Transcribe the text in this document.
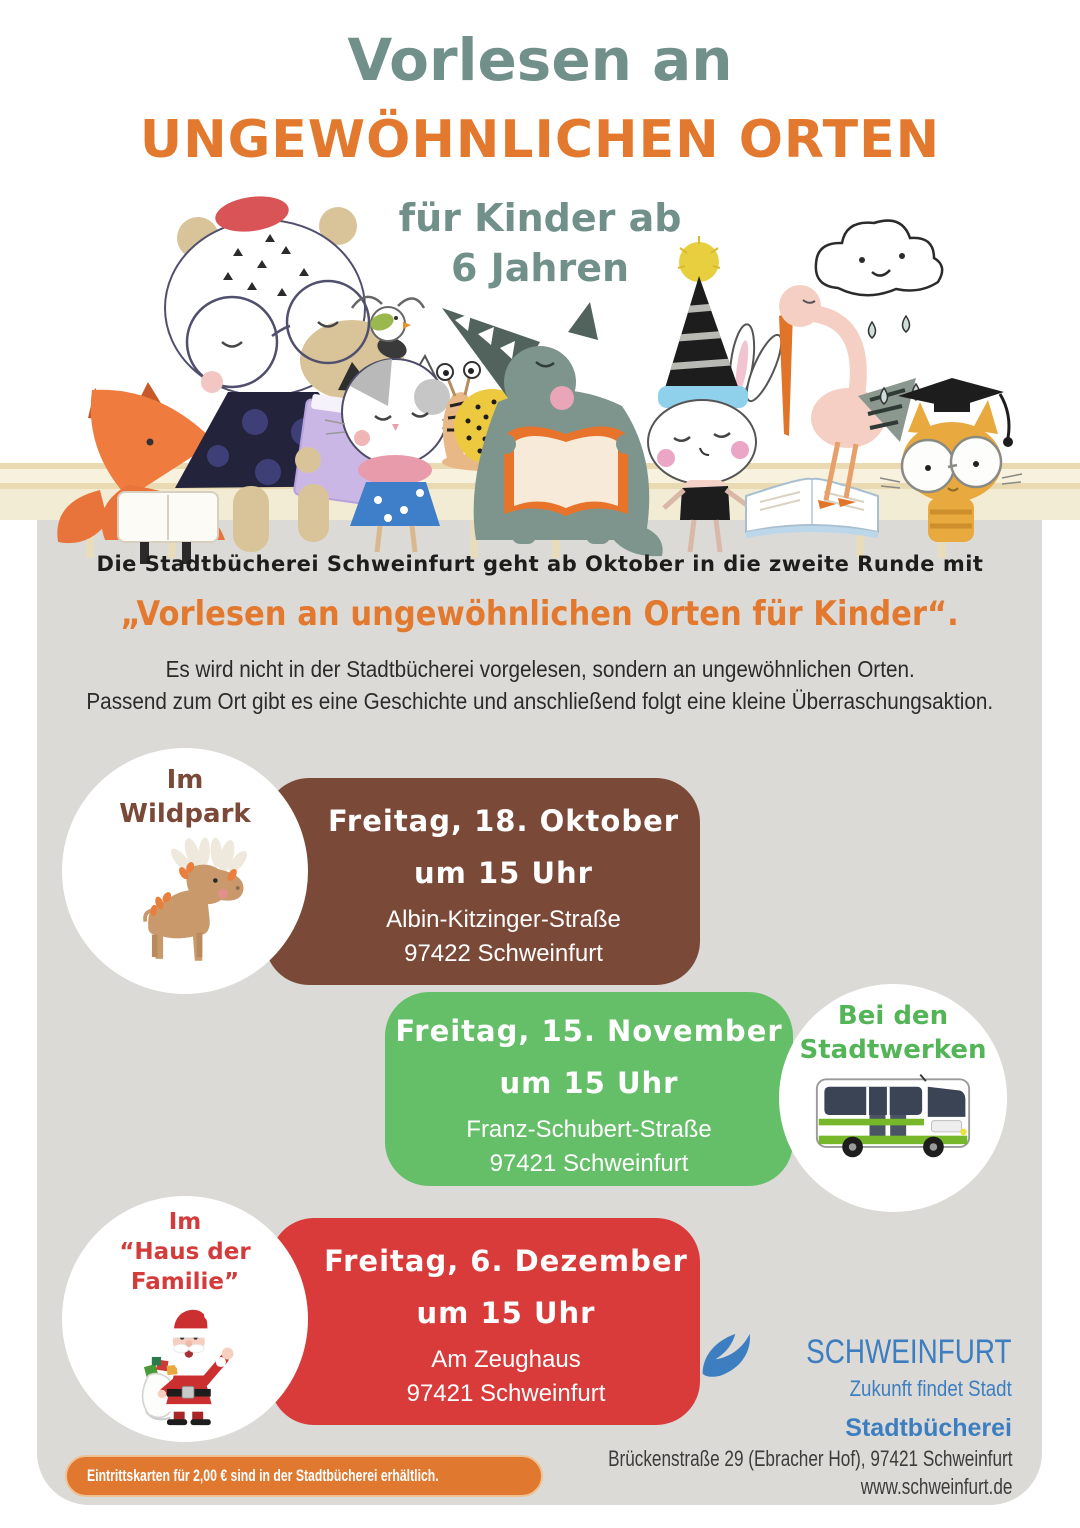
Vorlesen an
UNGEWÖHNLICHEN ORTEN
für Kinder ab
6 Jahren
Die Stadtbücherei Schweinfurt geht ab Oktober in die zweite Runde mit
„Vorlesen an ungewöhnlichen Orten für Kinder“.
Es wird nicht in der Stadtbücherei vorgelesen, sondern an ungewöhnlichen Orten.
Passend zum Ort gibt es eine Geschichte und anschließend folgt eine kleine Überraschungsaktion.
Freitag, 18. Oktober
um 15 Uhr
Albin-Kitzinger-Straße
97422 Schweinfurt
Im
Wildpark
Freitag, 15. November
um 15 Uhr
Franz-Schubert-Straße
97421 Schweinfurt
Bei den
Stadtwerken
Freitag, 6. Dezember
um 15 Uhr
Am Zeughaus
97421 Schweinfurt
Im
“Haus der
Familie”
SCHWEINFURT
Zukunft findet Stadt
Stadtbücherei
Brückenstraße 29 (Ebracher Hof), 97421 Schweinfurt
www.schweinfurt.de
Eintrittskarten für 2,00 € sind in der Stadtbücherei erhältlich.
